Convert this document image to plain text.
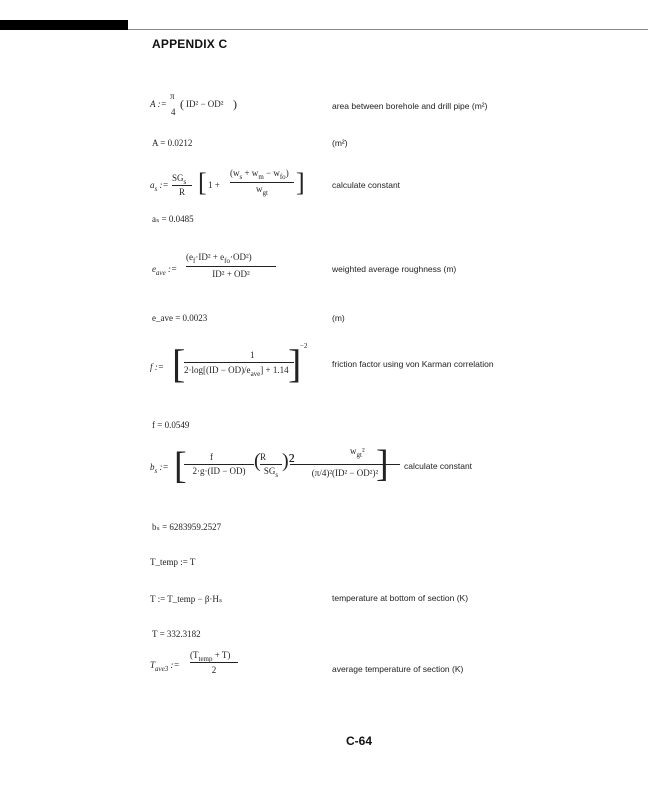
APPENDIX C
π
4
A := ( ID² − OD² )	area between borehole and drill pipe (m²)
A = 0.0212	(m²)
$a_s$ :=
$SG_s$
R [ 1 +
$(w_s + w_m - w_{fo})$
$w_{gt}$	]	calculate constant
aₛ = 0.0485
$e_{ave}$ :=
$(e_f\cdot ID^2 + e_{fo}\cdot OD^2)$
ID² + OD²	weighted average roughness (m)
e_ave = 0.0023	(m)
f := [	1
$2\cdot\log[(ID - OD)/e_{ave}] + 1.14$ ]
−2
friction factor using von Karman correlation
f = 0.0549
$b_s$ := [	f
2·g·(ID − OD) ( R
$SG_s$
)²	$w_{gt}^2$
(π/4)²(ID² − OD²)²
] calculate constant
bₛ = 6283959.2527
T_temp := T
T := T_temp − β·Hₛ	temperature at bottom of section (K)
T = 332.3182
$T_{ave3}$ :=
$(T_{temp} + T)$
2	average temperature of section (K)
C-64
